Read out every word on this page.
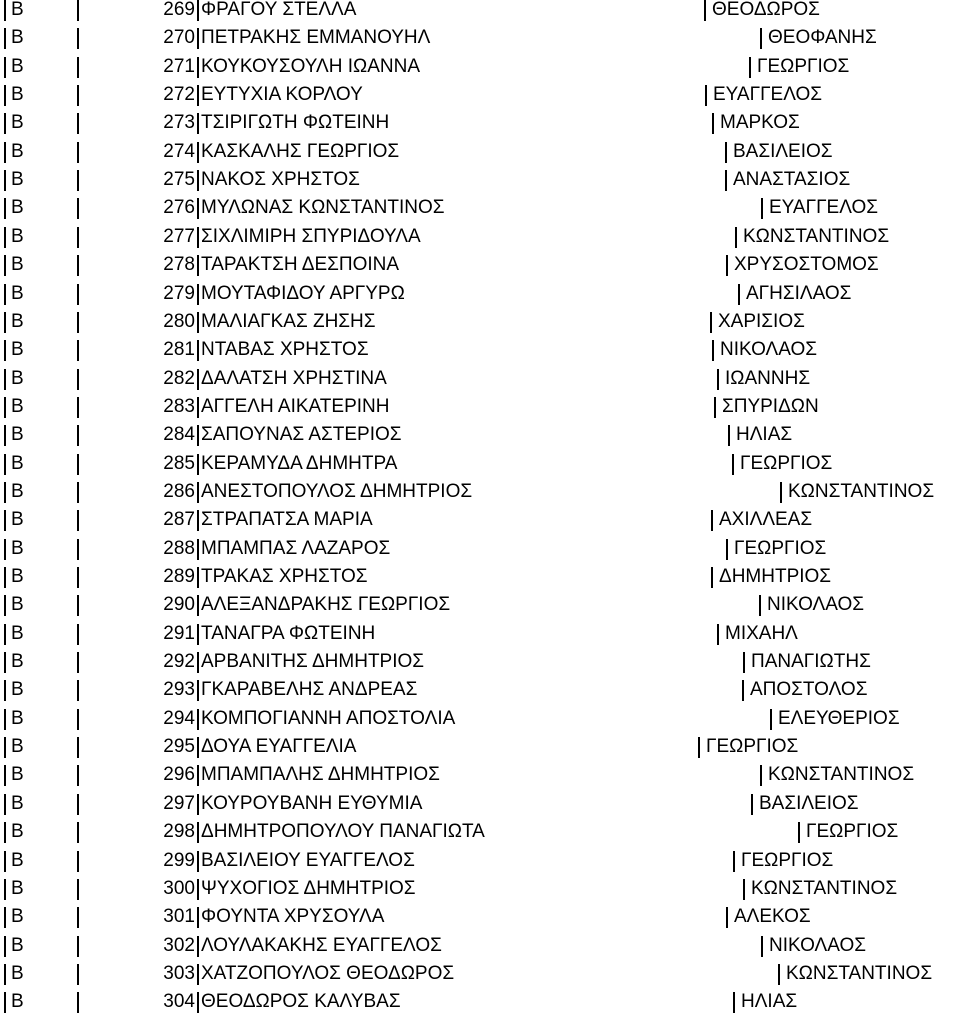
Β	269 ΦΡΑΓΟΥ ΣΤΕΛΛΑ	ΘΕΟΔΩΡΟΣ
Β	270 ΠΕΤΡΑΚΗΣ ΕΜΜΑΝΟΥΗΛ	ΘΕΟΦΑΝΗΣ
Β	271 ΚΟΥΚΟΥΣΟΥΛΗ ΙΩΑΝΝΑ	ΓΕΩΡΓΙΟΣ
Β	272 ΕΥΤΥΧΙΑ ΚΟΡΛΟΥ	ΕΥΑΓΓΕΛΟΣ
Β	273 ΤΣΙΡΙΓΩΤΗ ΦΩΤΕΙΝΗ	ΜΑΡΚΟΣ
Β	274 ΚΑΣΚΑΛΗΣ ΓΕΩΡΓΙΟΣ	ΒΑΣΙΛΕΙΟΣ
Β	275 ΝΑΚΟΣ ΧΡΗΣΤΟΣ	ΑΝΑΣΤΑΣΙΟΣ
Β	276 ΜΥΛΩΝΑΣ ΚΩΝΣΤΑΝΤΙΝΟΣ	ΕΥΑΓΓΕΛΟΣ
Β	277 ΣΙΧΛΙΜΙΡΗ ΣΠΥΡΙΔΟΥΛΑ	ΚΩΝΣΤΑΝΤΙΝΟΣ
Β	278 ΤΑΡΑΚΤΣΗ ΔΕΣΠΟΙΝΑ	ΧΡΥΣΟΣΤΟΜΟΣ
Β	279 ΜΟΥΤΑΦΙΔΟΥ ΑΡΓΥΡΩ	ΑΓΗΣΙΛΑΟΣ
Β	280 ΜΑΛΙΑΓΚΑΣ ΖΗΣΗΣ	ΧΑΡΙΣΙΟΣ
Β	281 ΝΤΑΒΑΣ ΧΡΗΣΤΟΣ	ΝΙΚΟΛΑΟΣ
Β	282 ΔΑΛΑΤΣΗ ΧΡΗΣΤΙΝΑ	ΙΩΑΝΝΗΣ
Β	283 ΑΓΓΕΛΗ ΑΙΚΑΤΕΡΙΝΗ	ΣΠΥΡΙΔΩΝ
Β	284 ΣΑΠΟΥΝΑΣ ΑΣΤΕΡΙΟΣ	ΗΛΙΑΣ
Β	285 ΚΕΡΑΜΥΔΑ ΔΗΜΗΤΡΑ	ΓΕΩΡΓΙΟΣ
Β	286 ΑΝΕΣΤΟΠΟΥΛΟΣ ΔΗΜΗΤΡΙΟΣ	ΚΩΝΣΤΑΝΤΙΝΟΣ
Β	287 ΣΤΡΑΠΑΤΣΑ ΜΑΡΙΑ	ΑΧΙΛΛΕΑΣ
Β	288 ΜΠΑΜΠΑΣ ΛΑΖΑΡΟΣ	ΓΕΩΡΓΙΟΣ
Β	289 ΤΡΑΚΑΣ ΧΡΗΣΤΟΣ	ΔΗΜΗΤΡΙΟΣ
Β	290 ΑΛΕΞΑΝΔΡΑΚΗΣ ΓΕΩΡΓΙΟΣ	ΝΙΚΟΛΑΟΣ
Β	291 ΤΑΝΑΓΡΑ ΦΩΤΕΙΝΗ	ΜΙΧΑΗΛ
Β	292 ΑΡΒΑΝΙΤΗΣ ΔΗΜΗΤΡΙΟΣ	ΠΑΝΑΓΙΩΤΗΣ
Β	293 ΓΚΑΡΑΒΕΛΗΣ ΑΝΔΡΕΑΣ	ΑΠΟΣΤΟΛΟΣ
Β	294 ΚΟΜΠΟΓΙΑΝΝΗ ΑΠΟΣΤΟΛΙΑ	ΕΛΕΥΘΕΡΙΟΣ
Β	295 ΔΟΥΑ ΕΥΑΓΓΕΛΙΑ	ΓΕΩΡΓΙΟΣ
Β	296 ΜΠΑΜΠΑΛΗΣ ΔΗΜΗΤΡΙΟΣ	ΚΩΝΣΤΑΝΤΙΝΟΣ
Β	297 ΚΟΥΡΟΥΒΑΝΗ ΕΥΘΥΜΙΑ	ΒΑΣΙΛΕΙΟΣ
Β	298 ΔΗΜΗΤΡΟΠΟΥΛΟΥ ΠΑΝΑΓΙΩΤΑ	ΓΕΩΡΓΙΟΣ
Β	299 ΒΑΣΙΛΕΙΟΥ ΕΥΑΓΓΕΛΟΣ	ΓΕΩΡΓΙΟΣ
Β	300 ΨΥΧΟΓΙΟΣ ΔΗΜΗΤΡΙΟΣ	ΚΩΝΣΤΑΝΤΙΝΟΣ
Β	301 ΦΟΥΝΤΑ ΧΡΥΣΟΥΛΑ	ΑΛΕΚΟΣ
Β	302 ΛΟΥΛΑΚΑΚΗΣ ΕΥΑΓΓΕΛΟΣ	ΝΙΚΟΛΑΟΣ
Β	303 ΧΑΤΖΟΠΟΥΛΟΣ ΘΕΟΔΩΡΟΣ	ΚΩΝΣΤΑΝΤΙΝΟΣ
Β	304 ΘΕΟΔΩΡΟΣ ΚΑΛΥΒΑΣ	ΗΛΙΑΣ
